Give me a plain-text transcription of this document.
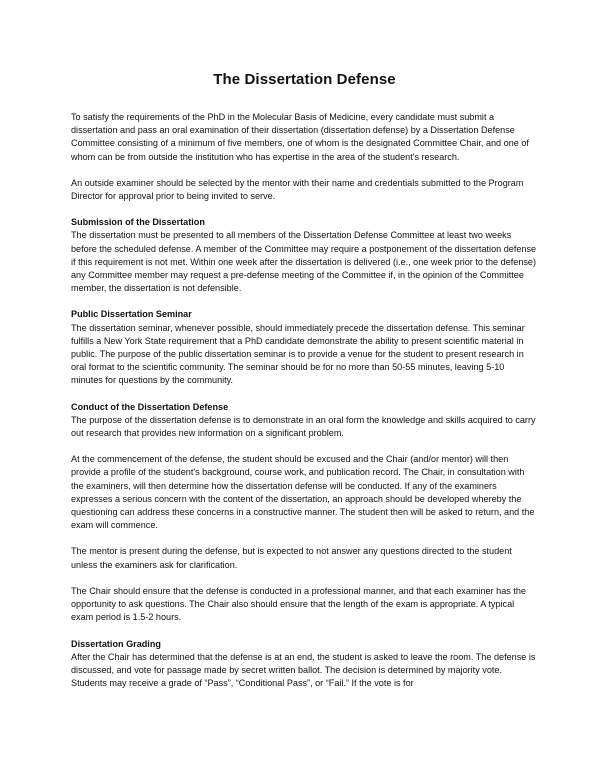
The Dissertation Defense

To satisfy the requirements of the PhD in the Molecular Basis of Medicine, every candidate must submit a dissertation and pass an oral examination of their dissertation (dissertation defense) by a Dissertation Defense Committee consisting of a minimum of five members, one of whom is the designated Committee Chair, and one of whom can be from outside the institution who has expertise in the area of the student's research.

An outside examiner should be selected by the mentor with their name and credentials submitted to the Program Director for approval prior to being invited to serve.

Submission of the Dissertation

The dissertation must be presented to all members of the Dissertation Defense Committee at least two weeks before the scheduled defense. A member of the Committee may require a postponement of the dissertation defense if this requirement is not met. Within one week after the dissertation is delivered (i.e., one week prior to the defense) any Committee member may request a pre-defense meeting of the Committee if, in the opinion of the Committee member, the dissertation is not defensible.

Public Dissertation Seminar

The dissertation seminar, whenever possible, should immediately precede the dissertation defense. This seminar fulfills a New York State requirement that a PhD candidate demonstrate the ability to present scientific material in public. The purpose of the public dissertation seminar is to provide a venue for the student to present research in oral format to the scientific community. The seminar should be for no more than 50-55 minutes, leaving 5-10 minutes for questions by the community.

Conduct of the Dissertation Defense

The purpose of the dissertation defense is to demonstrate in an oral form the knowledge and skills acquired to carry out research that provides new information on a significant problem.

At the commencement of the defense, the student should be excused and the Chair (and/or mentor) will then provide a profile of the student's background, course work, and publication record. The Chair, in consultation with the examiners, will then determine how the dissertation defense will be conducted. If any of the examiners expresses a serious concern with the content of the dissertation, an approach should be developed whereby the questioning can address these concerns in a constructive manner. The student then will be asked to return, and the exam will commence.

The mentor is present during the defense, but is expected to not answer any questions directed to the student unless the examiners ask for clarification.

The Chair should ensure that the defense is conducted in a professional manner, and that each examiner has the opportunity to ask questions. The Chair also should ensure that the length of the exam is appropriate. A typical exam period is 1.5-2 hours.

Dissertation Grading

After the Chair has determined that the defense is at an end, the student is asked to leave the room. The defense is discussed, and vote for passage made by secret written ballot. The decision is determined by majority vote. Students may receive a grade of “Pass”, “Conditional Pass”, or “Fail.” If the vote is for
